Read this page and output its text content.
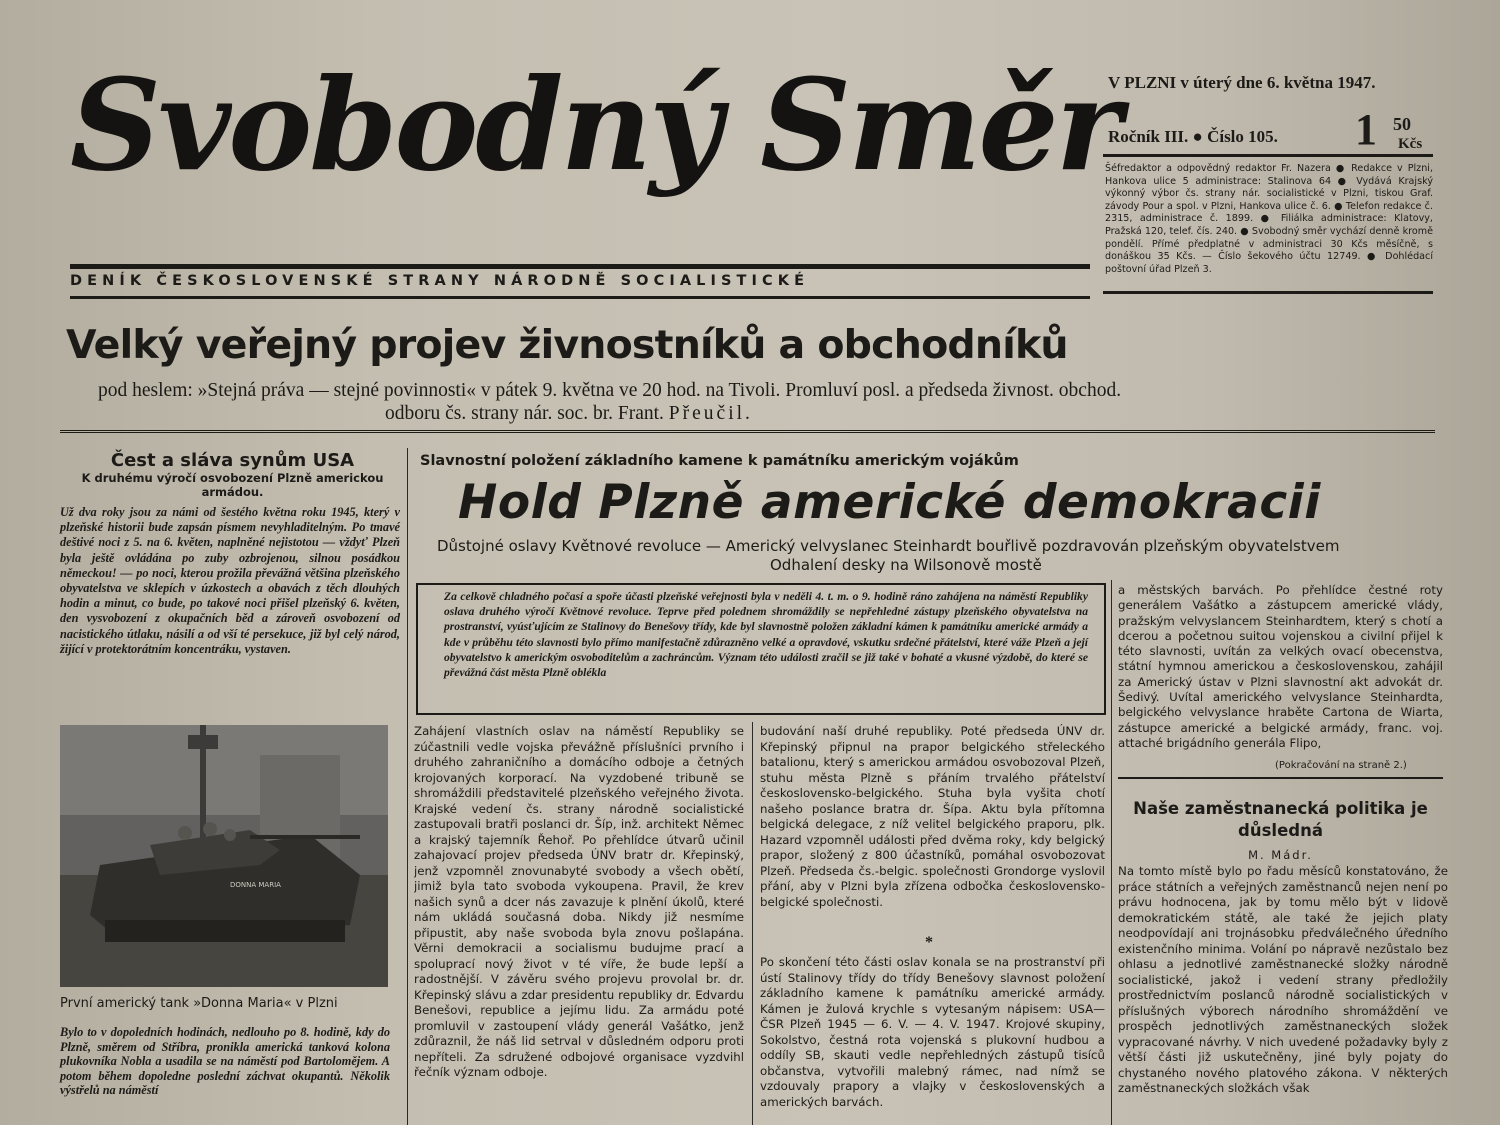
Svobodný Směr
DENÍK ČESKOSLOVENSKÉ STRANY NÁRODNĚ SOCIALISTICKÉ
V PLZNI v úterý dne 6. května 1947.
Ročník III. ● Číslo 105. 1 50
Kčs
Šéfredaktor a odpovědný redaktor Fr. Nazera ● Redakce v Plzni, Hankova ulice 5 administrace: Stalinova 64 ● Vydává Krajský výkonný výbor čs. strany nár. socialistické v Plzni, tiskou Graf. závody Pour a spol. v Plzni, Hankova ulice č. 6. ● Telefon redakce č. 2315, administrace č. 1899. ● Filiálka administrace: Klatovy, Pražská 120, telef. čís. 240. ● Svobodný směr vychází denně kromě pondělí. Přímé předplatné v administraci 30 Kčs měsíčně, s donáškou 35 Kčs. — Číslo šekového účtu 12749. ● Dohlédací poštovní úřad Plzeň 3.
Velký veřejný projev živnostníků a obchodníků
pod heslem: »Stejná práva — stejné povinnosti« v pátek 9. května ve 20 hod. na Tivoli. Promluví posl. a předseda živnost. obchod.
odboru čs. strany nár. soc. br. Frant. Přeučil.
Čest a sláva synům USA
K druhému výročí osvobození Plzně americkou armádou.
Už dva roky jsou za námi od šestého května roku 1945, který v plzeňské historii bude zapsán písmem nevyhladitelným. Po tmavé deštivé noci z 5. na 6. květen, naplněné nejistotou — vždyť Plzeň byla ještě ovládána po zuby ozbrojenou, silnou posádkou německou! — po noci, kterou prožila převážná většina plzeňského obyvatelstva ve sklepích v úzkostech a obavách z těch dlouhých hodin a minut, co bude, po takové noci přišel plzeňský 6. květen, den vysvobození z okupačních běd a zároveň osvobození od nacistického útlaku, násilí a od vší té persekuce, již byl celý národ, žijící v protektorátním koncentráku, vystaven.
DONNA MARIA
První americký tank »Donna Maria« v Plzni
Bylo to v dopoledních hodinách, nedlouho po 8. hodině, kdy do Plzně, směrem od Stříbra, pronikla americká tanková kolona plukovníka Nobla a usadila se na náměstí pod Bartolomějem. A potom během dopoledne poslední záchvat okupantů. Několik výstřelů na náměstí
Slavnostní položení základního kamene k památníku americkým vojákům
Hold Plzně americké demokracii
Důstojné oslavy Květnové revoluce — Americký velvyslanec Steinhardt bouřlivě pozdravován plzeňským obyvatelstvem
Odhalení desky na Wilsonově mostě
Za celkově chladného počasí a spoře účasti plzeňské veřejnosti byla v neděli 4. t. m. o 9. hodině ráno zahájena na náměstí Republiky oslava druhého výročí Květnové revoluce. Teprve před polednem shromáždily se nepřehledné zástupy plzeňského obyvatelstva na prostranství, vyúsťujícím ze Stalinovy do Benešovy třídy, kde byl slavnostně položen základní kámen k památníku americké armády a kde v průběhu této slavnosti bylo přímo manifestačně zdůrazněno velké a opravdové, vskutku srdečné přátelství, které váže Plzeň a její obyvatelstvo k americkým osvoboditelům a zachráncům. Význam této události zračil se již také v bohaté a vkusné výzdobě, do které se převážná část města Plzně oblékla
Zahájení vlastních oslav na náměstí Republiky se zúčastnili vedle vojska převážně příslušníci prvního i druhého zahraničního a domácího odboje a četných krojovaných korporací. Na vyzdobené tribuně se shromáždili představitelé plzeňského veřejného života. Krajské vedení čs. strany národně socialistické zastupovali bratři poslanci dr. Šíp, inž. architekt Němec a krajský tajemník Řehoř. Po přehlídce útvarů učinil zahajovací projev předseda ÚNV bratr dr. Křepinský, jenž vzpomněl znovunabyté svobody a všech obětí, jimiž byla tato svoboda vykoupena. Pravil, že krev našich synů a dcer nás zavazuje k plnění úkolů, které nám ukládá současná doba. Nikdy již nesmíme připustit, aby naše svoboda byla znovu pošlapána. Věrni demokracii a socialismu budujme prací a spoluprací nový život v té víře, že bude lepší a radostnější. V závěru svého projevu provolal br. dr. Křepinský slávu a zdar presidentu republiky dr. Edvardu Benešovi, republice a jejímu lidu. Za armádu poté promluvil v zastoupení vlády generál Vašátko, jenž zdůraznil, že náš lid setrval v důsledném odporu proti nepříteli. Za sdružené odbojové organisace vyzdvihl řečník význam odboje.
budování naší druhé republiky. Poté předseda ÚNV dr. Křepinský připnul na prapor belgického střeleckého batalionu, který s americkou armádou osvobozoval Plzeň, stuhu města Plzně s přáním trvalého přátelství československo-belgického. Stuha byla vyšita chotí našeho poslance bratra dr. Šípa. Aktu byla přítomna belgická delegace, z níž velitel belgického praporu, plk. Hazard vzpomněl události před dvěma roky, kdy belgický prapor, složený z 800 účastníků, pomáhal osvobozovat Plzeň. Předseda čs.-belgic. společnosti Grondorge vyslovil přání, aby v Plzni byla zřízena odbočka československo-belgické společnosti.
*
Po skončení této části oslav konala se na prostranství při ústí Stalinovy třídy do třídy Benešovy slavnost položení základního kamene k památníku americké armády. Kámen je žulová krychle s vytesaným nápisem: USA—ČSR Plzeň 1945 — 6. V. — 4. V. 1947. Krojové skupiny, Sokolstvo, čestná rota vojenská s plukovní hudbou a oddíly SB, skauti vedle nepřehledných zástupů tisíců občanstva, vytvořili malebný rámec, nad nímž se vzdouvaly prapory a vlajky v československých a amerických barvách.
a městských barvách. Po přehlídce čestné roty generálem Vašátko a zástupcem americké vlády, pražským velvyslancem Steinhardtem, který s chotí a dcerou a početnou suitou vojenskou a civilní přijel k této slavnosti, uvítán za velkých ovací obecenstva, státní hymnou americkou a československou, zahájil za Americký ústav v Plzni slavnostní akt advokát dr. Šedivý. Uvítal amerického velvyslance Steinhardta, belgického velvyslance hraběte Cartona de Wiarta, zástupce americké a belgické armády, franc. voj. attaché brigádního generála Flipo,
(Pokračování na straně 2.)
Naše zaměstnanecká politika je důsledná
M. Mádr.
Na tomto místě bylo po řadu měsíců konstatováno, že práce státních a veřejných zaměstnanců nejen není po právu hodnocena, jak by tomu mělo být v lidově demokratickém státě, ale také že jejich platy neodpovídají ani trojnásobku předválečného úředního existenčního minima. Volání po nápravě nezůstalo bez ohlasu a jednotlivé zaměstnanecké složky národně socialistické, jakož i vedení strany předložily prostřednictvím poslanců národně socialistických v příslušných výborech národního shromáždění ve prospěch jednotlivých zaměstnaneckých složek vypracované návrhy. V nich uvedené požadavky byly z větší části již uskutečněny, jiné byly pojaty do chystaného nového platového zákona. V některých zaměstnaneckých složkách však
